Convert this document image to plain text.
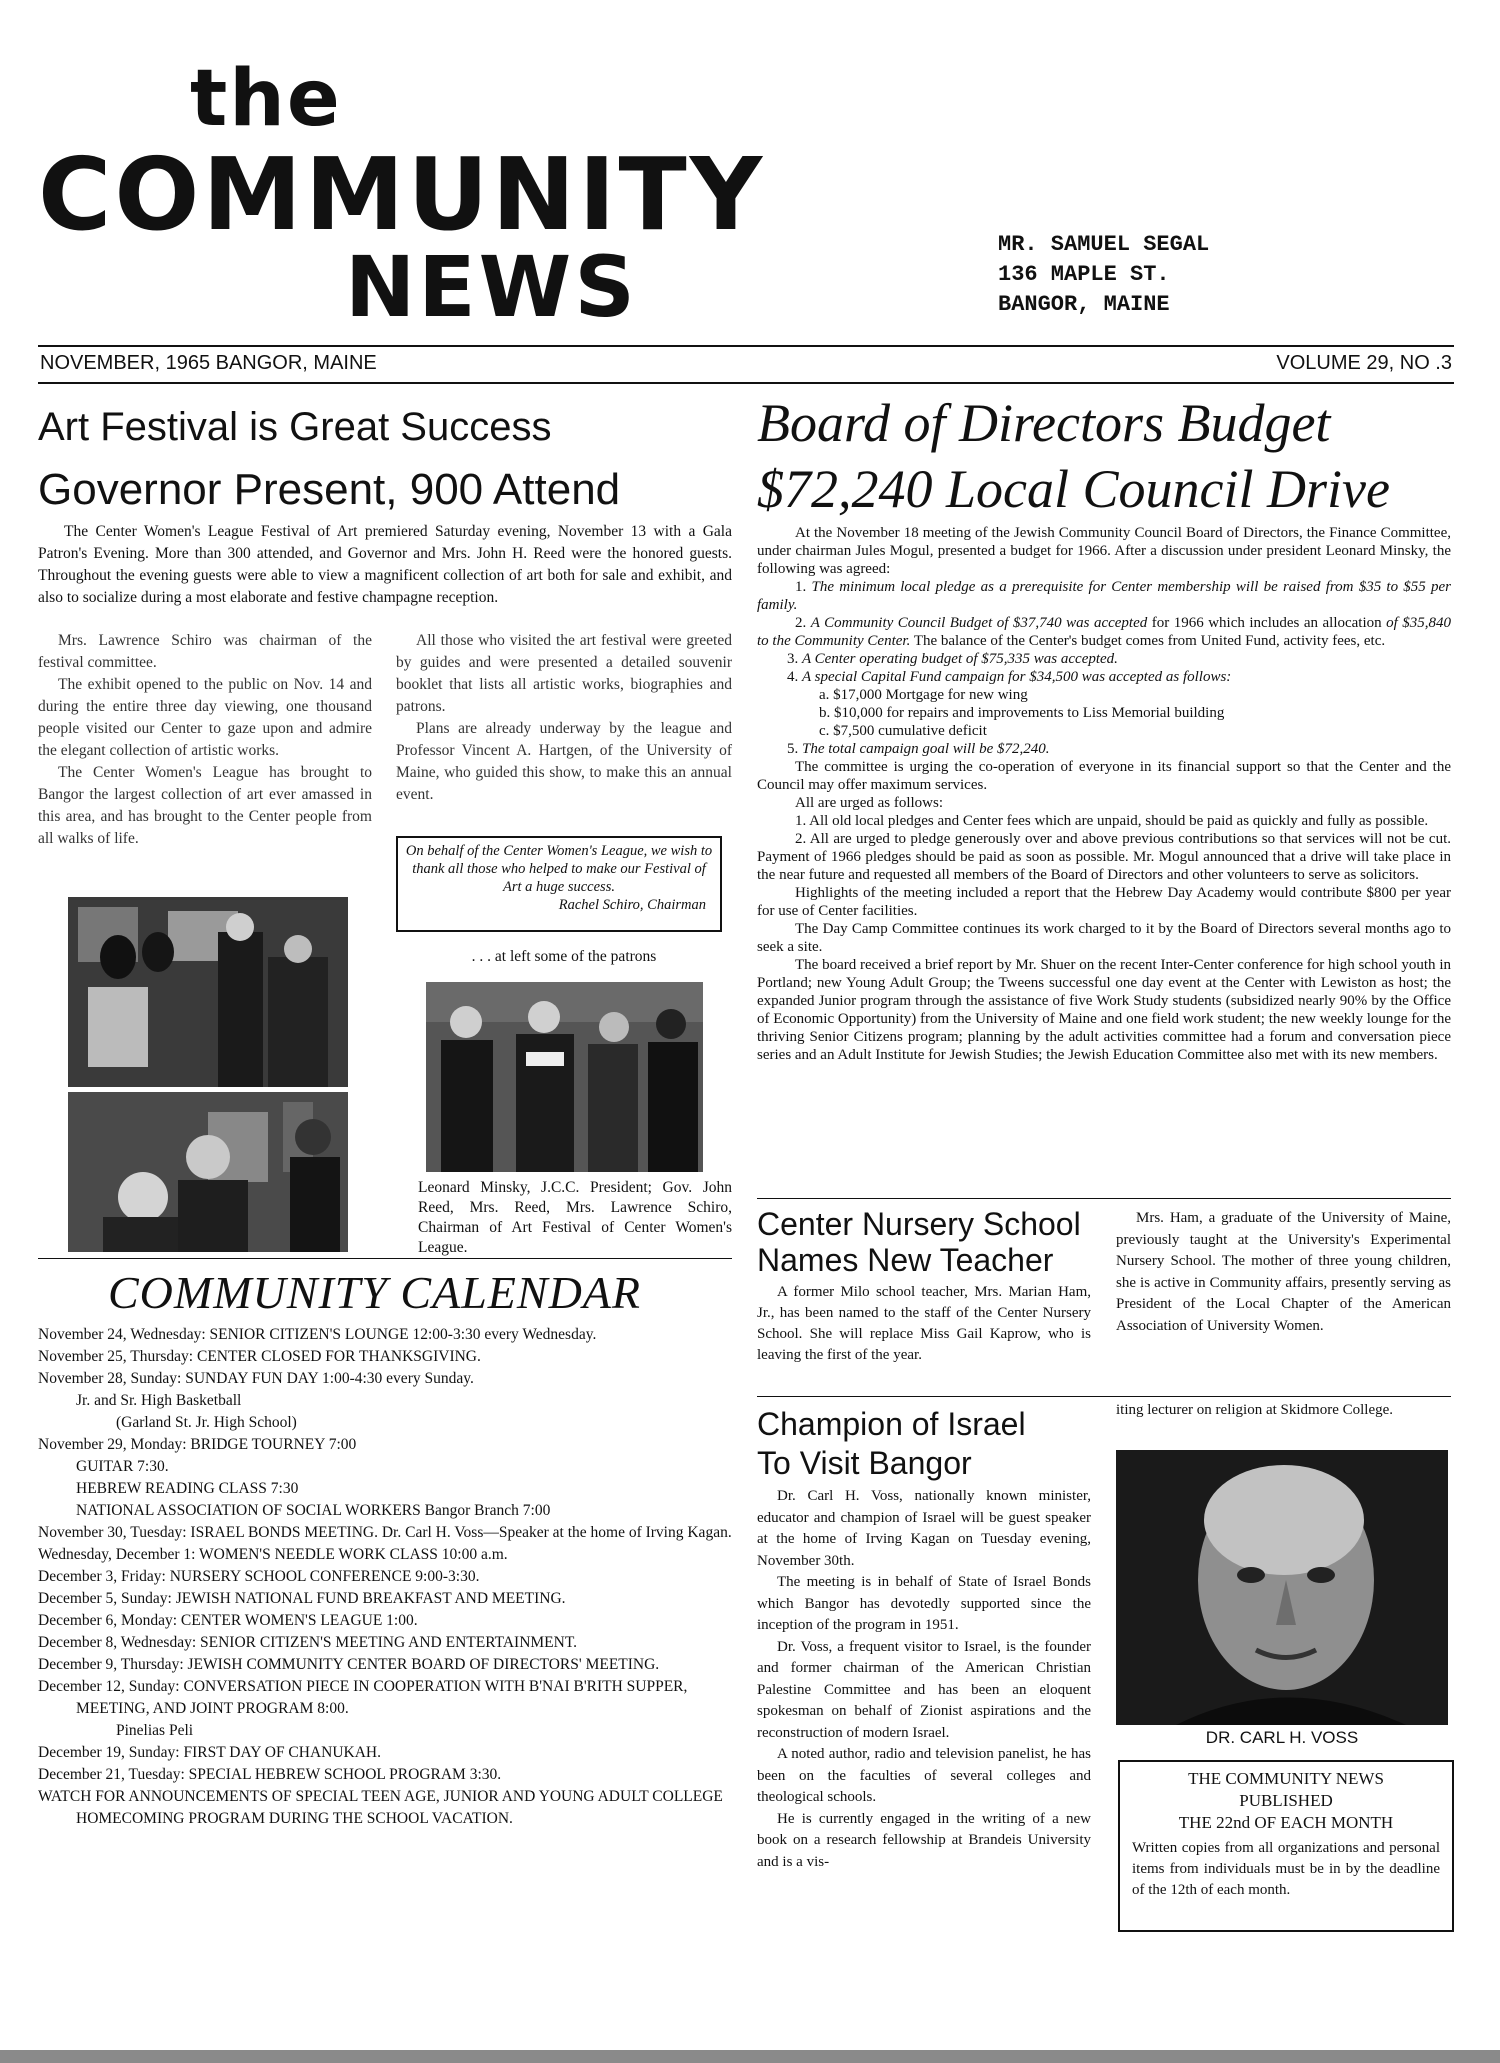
the
COMMUNITY
NEWS	MR. SAMUEL SEGAL
136 MAPLE ST.
BANGOR, MAINE
NOVEMBER, 1965 BANGOR, MAINE	VOLUME 29, NO .3
Art Festival is Great Success
Governor Present, 900 Attend

The Center Women's League Festival of Art premiered Saturday evening, November 13 with a Gala Patron's Evening. More than 300 attended, and Governor and Mrs. John H. Reed were the honored guests. Throughout the evening guests were able to view a magnificent collection of art both for sale and exhibit, and also to socialize during a most elaborate and festive champagne reception.

Mrs. Lawrence Schiro was chairman of the festival committee.

The exhibit opened to the public on Nov. 14 and during the entire three day viewing, one thousand people visited our Center to gaze upon and admire the elegant collection of artistic works.

The Center Women's League has brought to Bangor the largest collection of art ever amassed in this area, and has brought to the Center people from all walks of life.

All those who visited the art festival were greeted by guides and were presented a detailed souvenir booklet that lists all artistic works, biographies and patrons.

Plans are already underway by the league and Professor Vincent A. Hartgen, of the University of Maine, who guided this show, to make this an annual event.

On behalf of the Center Women's League, we wish to thank all those who helped to make our Festival of Art a huge success.
Rachel Schiro, Chairman
. . . at left some of the patrons

Leonard Minsky, J.C.C. President; Gov. John Reed, Mrs. Reed, Mrs. Lawrence Schiro, Chairman of Art Festival of Center Women's League.

COMMUNITY CALENDAR

November 24, Wednesday: SENIOR CITIZEN'S LOUNGE 12:00-3:30 every Wednesday.

November 25, Thursday: CENTER CLOSED FOR THANKSGIVING.

November 28, Sunday: SUNDAY FUN DAY 1:00-4:30 every Sunday.

Jr. and Sr. High Basketball

(Garland St. Jr. High School)

November 29, Monday: BRIDGE TOURNEY 7:00

GUITAR 7:30.

HEBREW READING CLASS 7:30

NATIONAL ASSOCIATION OF SOCIAL WORKERS Bangor Branch 7:00

November 30, Tuesday: ISRAEL BONDS MEETING. Dr. Carl H. Voss—Speaker at the home of Irving Kagan.

Wednesday, December 1: WOMEN'S NEEDLE WORK CLASS 10:00 a.m.

December 3, Friday: NURSERY SCHOOL CONFERENCE 9:00-3:30.

December 5, Sunday: JEWISH NATIONAL FUND BREAKFAST AND MEETING.

December 6, Monday: CENTER WOMEN'S LEAGUE 1:00.

December 8, Wednesday: SENIOR CITIZEN'S MEETING AND ENTERTAINMENT.

December 9, Thursday: JEWISH COMMUNITY CENTER BOARD OF DIRECTORS' MEETING.

December 12, Sunday: CONVERSATION PIECE IN COOPERATION WITH B'NAI B'RITH SUPPER, MEETING, AND JOINT PROGRAM 8:00.

Pinelias Peli

December 19, Sunday: FIRST DAY OF CHANUKAH.

December 21, Tuesday: SPECIAL HEBREW SCHOOL PROGRAM 3:30.

WATCH FOR ANNOUNCEMENTS OF SPECIAL TEEN AGE, JUNIOR AND YOUNG ADULT COLLEGE HOMECOMING PROGRAM DURING THE SCHOOL VACATION.

Board of Directors Budget
$72,240 Local Council Drive

At the November 18 meeting of the Jewish Community Council Board of Directors, the Finance Committee, under chairman Jules Mogul, presented a budget for 1966. After a discussion under president Leonard Minsky, the following was agreed:

1. The minimum local pledge as a prerequisite for Center membership will be raised from $35 to $55 per family.

2. A Community Council Budget of $37,740 was accepted for 1966 which includes an allocation of $35,840 to the Community Center. The balance of the Center's budget comes from United Fund, activity fees, etc.

3. A Center operating budget of $75,335 was accepted.

4. A special Capital Fund campaign for $34,500 was accepted as follows:

a. $17,000 Mortgage for new wing

b. $10,000 for repairs and improvements to Liss Memorial building

c. $7,500 cumulative deficit

5. The total campaign goal will be $72,240.

The committee is urging the co-operation of everyone in its financial support so that the Center and the Council may offer maximum services.

All are urged as follows:

1. All old local pledges and Center fees which are unpaid, should be paid as quickly and fully as possible.

2. All are urged to pledge generously over and above previous contributions so that services will not be cut. Payment of 1966 pledges should be paid as soon as possible. Mr. Mogul announced that a drive will take place in the near future and requested all members of the Board of Directors and other volunteers to serve as solicitors.

Highlights of the meeting included a report that the Hebrew Day Academy would contribute $800 per year for use of Center facilities.

The Day Camp Committee continues its work charged to it by the Board of Directors several months ago to seek a site.

The board received a brief report by Mr. Shuer on the recent Inter-Center conference for high school youth in Portland; new Young Adult Group; the Tweens successful one day event at the Center with Lewiston as host; the expanded Junior program through the assistance of five Work Study students (subsidized nearly 90% by the Office of Economic Opportunity) from the University of Maine and one field work student; the new weekly lounge for the thriving Senior Citizens program; planning by the adult activities committee had a forum and conversation piece series and an Adult Institute for Jewish Studies; the Jewish Education Committee also met with its new members.

Center Nursery School
Names New Teacher

A former Milo school teacher, Mrs. Marian Ham, Jr., has been named to the staff of the Center Nursery School. She will replace Miss Gail Kaprow, who is leaving the first of the year.

Mrs. Ham, a graduate of the University of Maine, previously taught at the University's Experimental Nursery School. The mother of three young children, she is active in Community affairs, presently serving as President of the Local Chapter of the American Association of University Women.

Champion of Israel
To Visit Bangor

Dr. Carl H. Voss, nationally known minister, educator and champion of Israel will be guest speaker at the home of Irving Kagan on Tuesday evening, November 30th.

The meeting is in behalf of State of Israel Bonds which Bangor has devotedly supported since the inception of the program in 1951.

Dr. Voss, a frequent visitor to Israel, is the founder and former chairman of the American Christian Palestine Committee and has been an eloquent spokesman on behalf of Zionist aspirations and the reconstruction of modern Israel.

A noted author, radio and television panelist, he has been on the faculties of several colleges and theological schools.

He is currently engaged in the writing of a new book on a research fellowship at Brandeis University and is a vis-

iting lecturer on religion at Skidmore College.

DR. CARL H. VOSS
THE COMMUNITY NEWS
PUBLISHED
THE 22nd OF EACH MONTH
Written copies from all organizations and personal items from individuals must be in by the deadline of the 12th of each month.
